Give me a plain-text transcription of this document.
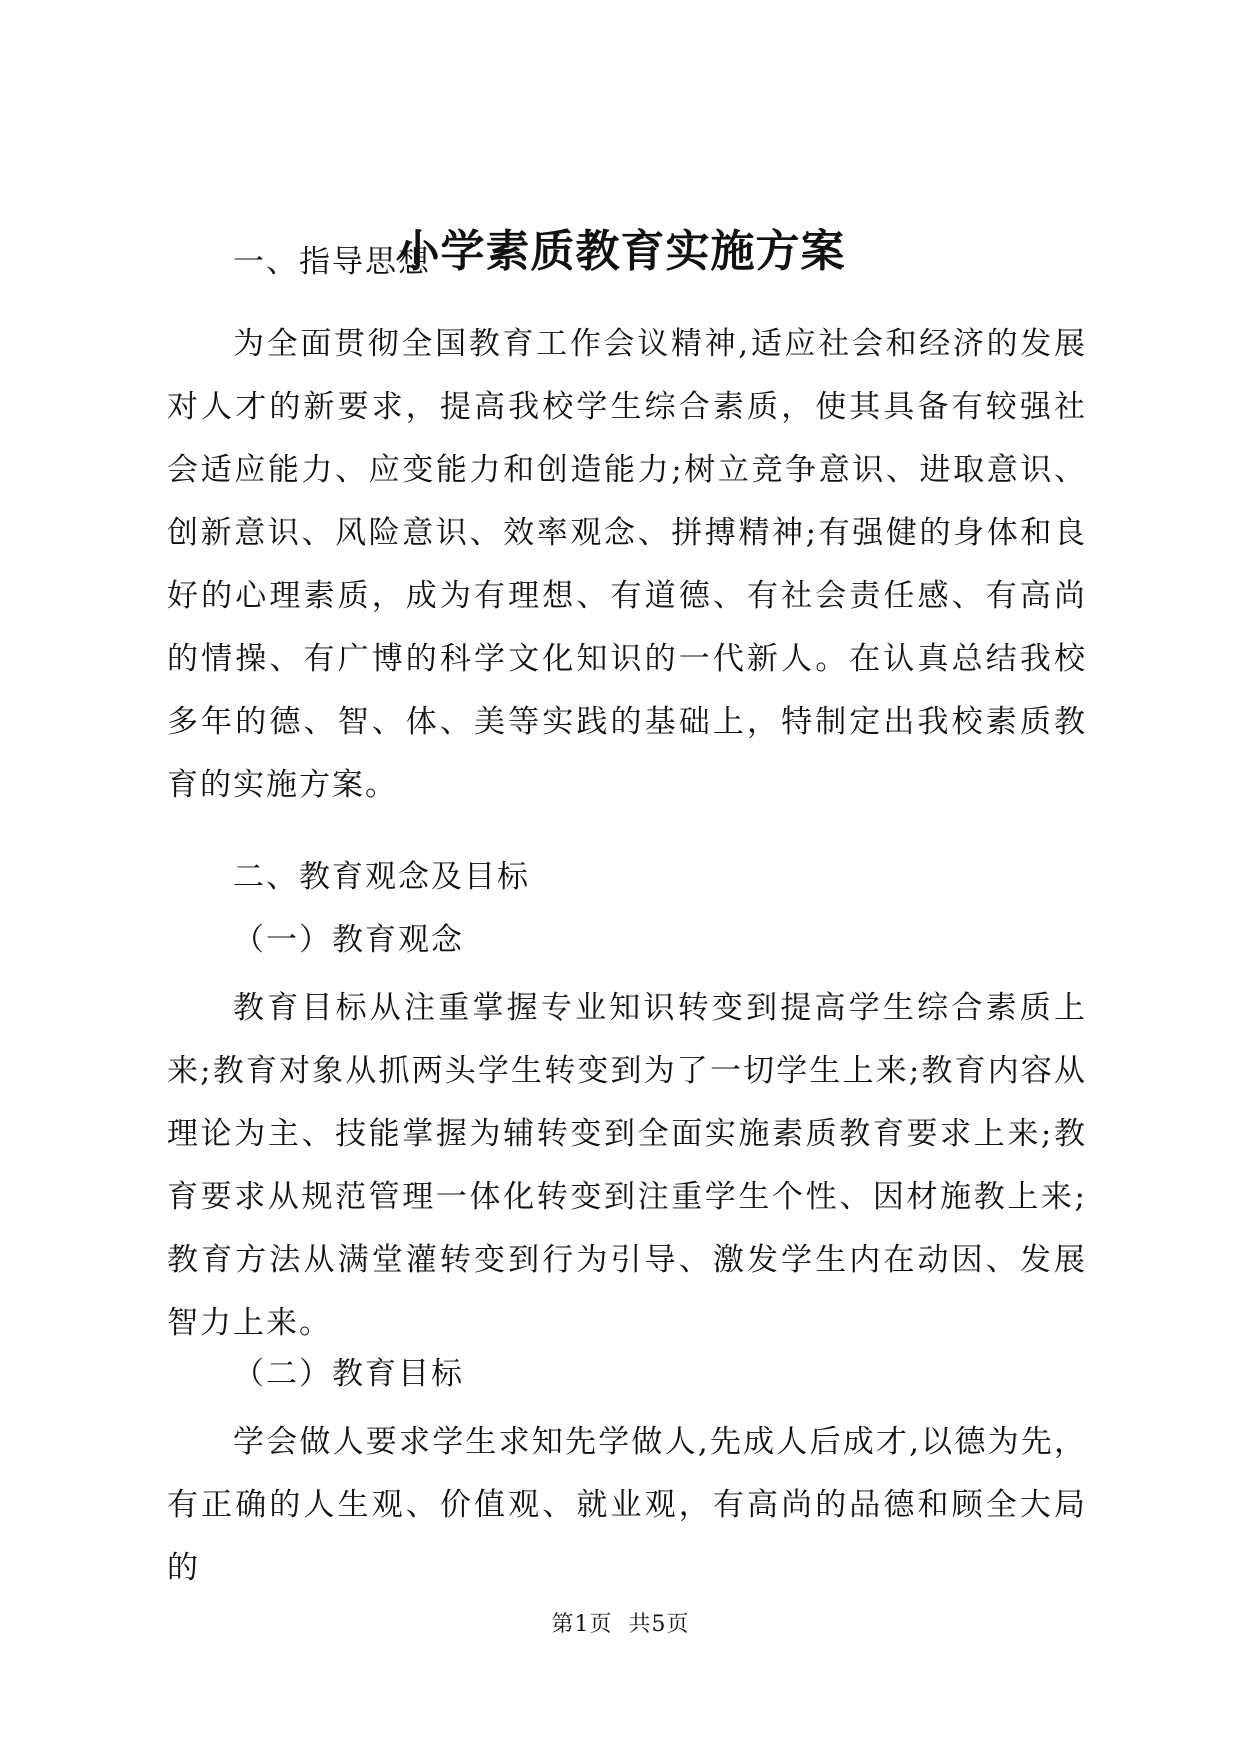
小学素质教育实施方案

一、指导思想

为全面贯彻全国教育工作会议精神,适应社会和经济的发展对人才的新要求，提高我校学生综合素质，使其具备有较强社会适应能力、应变能力和创造能力;树立竞争意识、进取意识、创新意识、风险意识、效率观念、拼搏精神;有强健的身体和良好的心理素质，成为有理想、有道德、有社会责任感、有高尚的情操、有广博的科学文化知识的一代新人。在认真总结我校多年的德、智、体、美等实践的基础上，特制定出我校素质教育的实施方案。

二、教育观念及目标

（一）教育观念

教育目标从注重掌握专业知识转变到提高学生综合素质上来;教育对象从抓两头学生转变到为了一切学生上来;教育内容从理论为主、技能掌握为辅转变到全面实施素质教育要求上来;教育要求从规范管理一体化转变到注重学生个性、因材施教上来;教育方法从满堂灌转变到行为引导、激发学生内在动因、发展智力上来。

（二）教育目标

学会做人要求学生求知先学做人,先成人后成才,以德为先，有正确的人生观、价值观、就业观，有高尚的品德和顾全大局的

第1页 共5页
